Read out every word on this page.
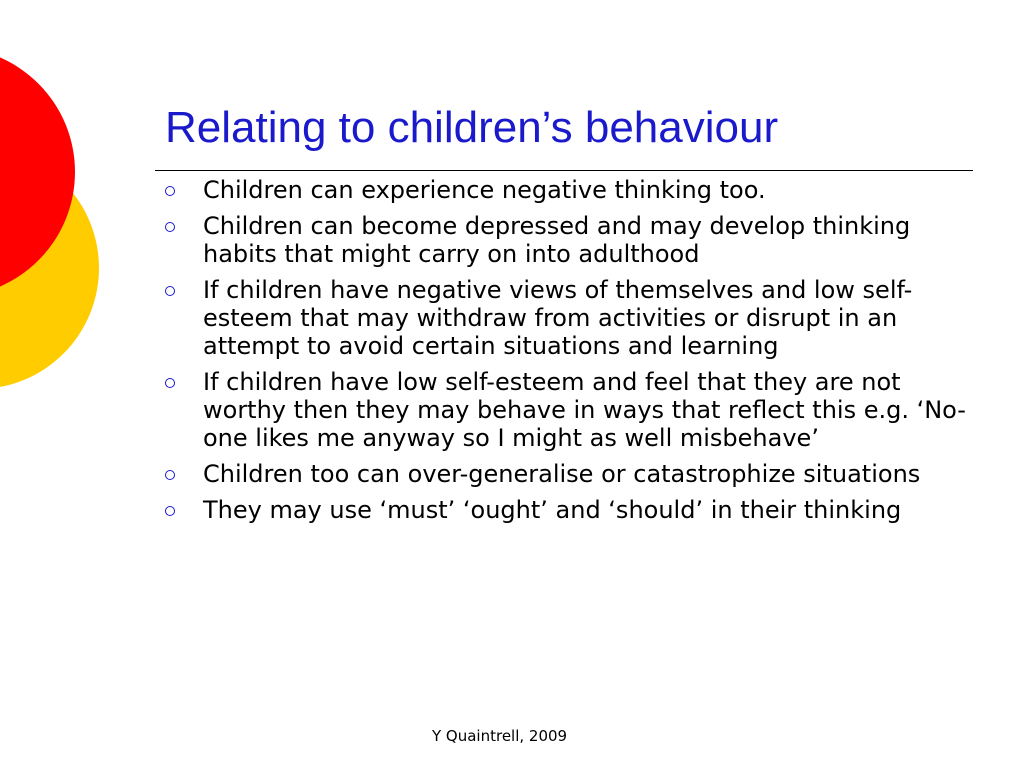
Relating to children’s behaviour
Children can experience negative thinking too.
Children can become depressed and may develop thinking habits that might carry on into adulthood
If children have negative views of themselves and low self-esteem that may withdraw from activities or disrupt in an attempt to avoid certain situations and learning
If children have low self-esteem and feel that they are not worthy then they may behave in ways that reflect this e.g. ‘No-one likes me anyway so I might as well misbehave’
Children too can over-generalise or catastrophize situations
They may use ‘must’ ‘ought’ and ‘should’ in their thinking
Y Quaintrell, 2009
